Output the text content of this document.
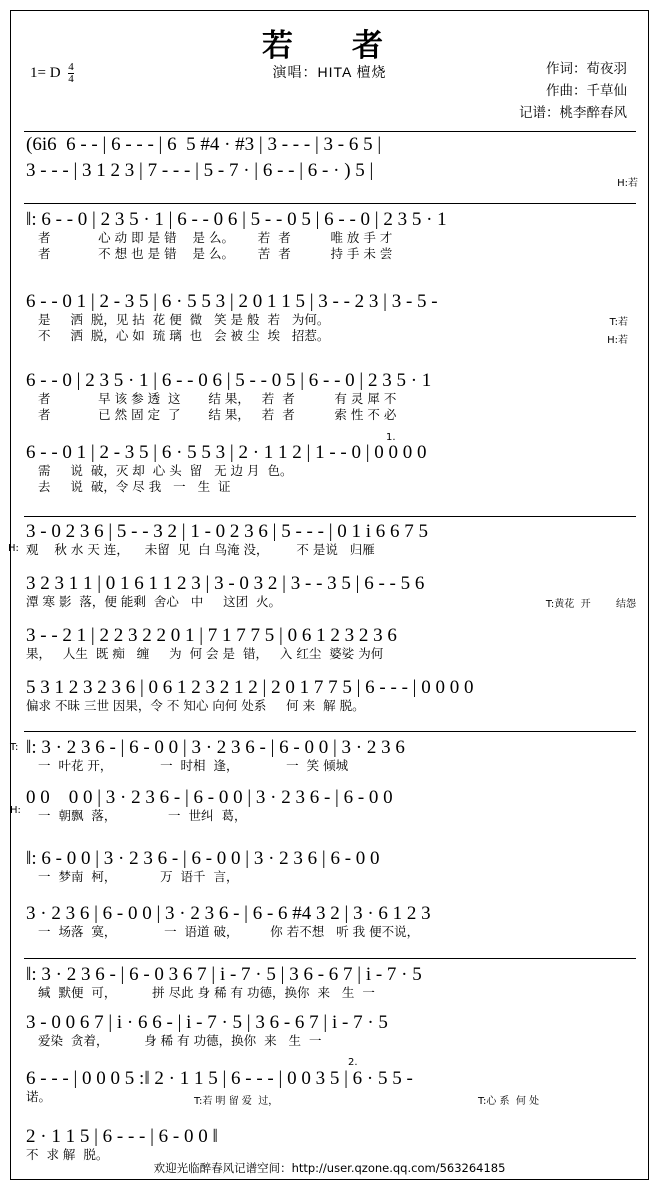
若　者
1= D $\frac{4}{4}$	演唱：HITA 檀烧	作词：荀夜羽
作曲：千草仙
记谱：桃李醉春风
(6i6  6 - - | 6 - - - | 6  5 #4 · #3 | 3 - - - | 3 - 6 5 |
3 - - - | 3 1 2 3 | 7 - - - | 5 - 7 · | 6 - - | 6 - · ) 5 |
H:若
‖: 6 - - 0 | 2 3 5 · 1 | 6 - - 0 6 | 5 - - 0 5 | 6 - - 0 | 2 3 5 · 1
者            心 动 即 是 错    是 么。      若  者          唯 放 手 才
者            不 想 也 是 错    是 么。      苦  者          持 手 未 尝
6 - - 0 1 | 2 - 3 5 | 6 · 5 5 3 | 2 0 1 1 5 | 3 - - 2 3 | 3 - 5 -
是     洒  脱，见 拈  花 便  微   笑 是 般  若   为何。
不     洒  脱，心 如  琉 璃  也   会 被 尘  埃   招惹。
T:若
H:若
6 - - 0 | 2 3 5 · 1 | 6 - - 0 6 | 5 - - 0 5 | 6 - - 0 | 2 3 5 · 1
者            早 该 参 透  这       结 果，   若  者          有 灵 犀 不
者            已 然 固 定  了       结 果，   若  者          索 性 不 必
1.
6 - - 0 1 | 2 - 3 5 | 6 · 5 5 3 | 2 · 1 1 2 | 1 - - 0 | 0 0 0 0
需     说  破，灭 却  心 头  留   无 边 月  色。
去     说  破，令 尽 我   一   生  证
3 - 0 2 3 6 | 5 - - 3 2 | 1 - 0 2 3 6 | 5 - - - | 0 1 i 6 6 7 5
H: 观    秋 水 天 连，    未留  见  白 鸟淹 没，       不 是说   归雁
3 2 3 1 1 | 0 1 6 1 1 2 3 | 3 - 0 3 2 | 3 - - 3 5 | 6 - - 5 6
潭 寒 影  落，便 能剩  舍心   中     这团  火。	T:黄花  开        结怨
3 - - 2 1 | 2 2 3 2 2 0 1 | 7 1 7 7 5 | 0 6 1 2 3 2 3 6
果，   人生  既 痴   缠     为  何 会 是  错，   入 红尘  婆娑 为何
5 3 1 2 3 2 3 6 | 0 6 1 2 3 2 1 2 | 2 0 1 7 7 5 | 6 - - - | 0 0 0 0
偏求 不昧 三世 因果，令 不 知心 向何 处系     何 来  解 脱。
T: ‖: 3 · 2 3 6 - | 6 - 0 0 | 3 · 2 3 6 - | 6 - 0 0 | 3 · 2 3 6
一  叶花 开，            一  时相  逢，            一  笑 倾城
0 0    0 0 | 3 · 2 3 6 - | 6 - 0 0 | 3 · 2 3 6 - | 6 - 0 0
H:	一  朝飘  落，             一  世纠  葛，
‖: 6 - 0 0 | 3 · 2 3 6 - | 6 - 0 0 | 3 · 2 3 6 | 6 - 0 0
一  梦南  柯，           万  语千  言，
3 · 2 3 6 | 6 - 0 0 | 3 · 2 3 6 - | 6 - 6 #4 3 2 | 3 · 6 1 2 3
一  场落  寞，            一  语道 破，        你 若不想   听 我 便不说，
‖: 3 · 2 3 6 - | 6 - 0 3 6 7 | i - 7 · 5 | 3 6 - 6 7 | i - 7 · 5
缄  默便  可，         拼 尽此 身 稀 有 功德，换你  来   生  一
3 - 0 0 6 7 | i · 6 6 - | i - 7 · 5 | 3 6 - 6 7 | i - 7 · 5
爱染  贪着，         身 稀 有 功德，换你  来   生  一
2.
6 - - - | 0 0 0 5 :‖ 2 · 1 1 5 | 6 - - - | 0 0 3 5 | 6 · 5 5 -
诺。	T:若 明 留 爱  过，	T:心 系  何 处
2 · 1 1 5 | 6 - - - | 6 - 0 0 ‖
不  求 解  脱。
欢迎光临醉春风记谱空间：http://user.qzone.qq.com/563264185
